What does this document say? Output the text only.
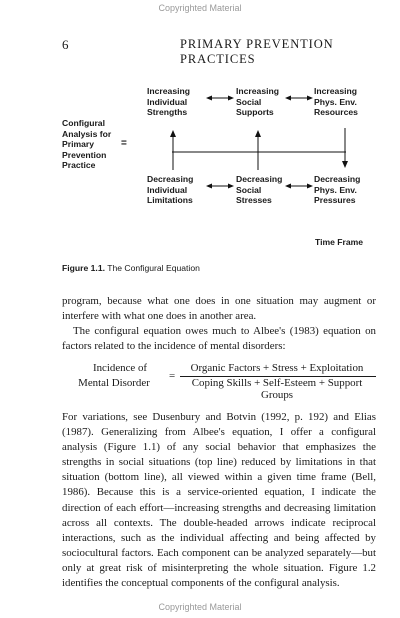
Copyrighted Material
Copyrighted Material
6	PRIMARY PREVENTION PRACTICES
Configural
Analysis for
Primary
Prevention
Practice
=
Increasing
Individual
Strengths
Increasing
Social
Supports
Increasing
Phys. Env.
Resources
Decreasing
Individual
Limitations
Decreasing
Social
Stresses
Decreasing
Phys. Env.
Pressures
Time Frame
Figure 1.1. The Configural Equation
program, because what one does in one situation may augment or interfere with what one does in another area.
The configural equation owes much to Albee's (1983) equation on factors related to the incidence of mental disorders:
Incidence of
Mental Disorder
=
Organic Factors + Stress + Exploitation
Coping Skills + Self-Esteem + Support Groups
For variations, see Dusenbury and Botvin (1992, p. 192) and Elias (1987). Generalizing from Albee's equation, I offer a configural analysis (Figure 1.1) of any social behavior that emphasizes the strengths in social situations (top line) reduced by limitations in that situation (bottom line), all viewed within a given time frame (Bell, 1986). Because this is a service-oriented equation, I indicate the direction of each effort—increasing strengths and decreasing limitation across all contexts. The double-headed arrows indicate reciprocal interactions, such as the individual affecting and being affected by sociocultural factors. Each component can be analyzed separately—but only at great risk of misinterpreting the whole situation. Figure 1.2 identifies the conceptual components of the configural analysis.
